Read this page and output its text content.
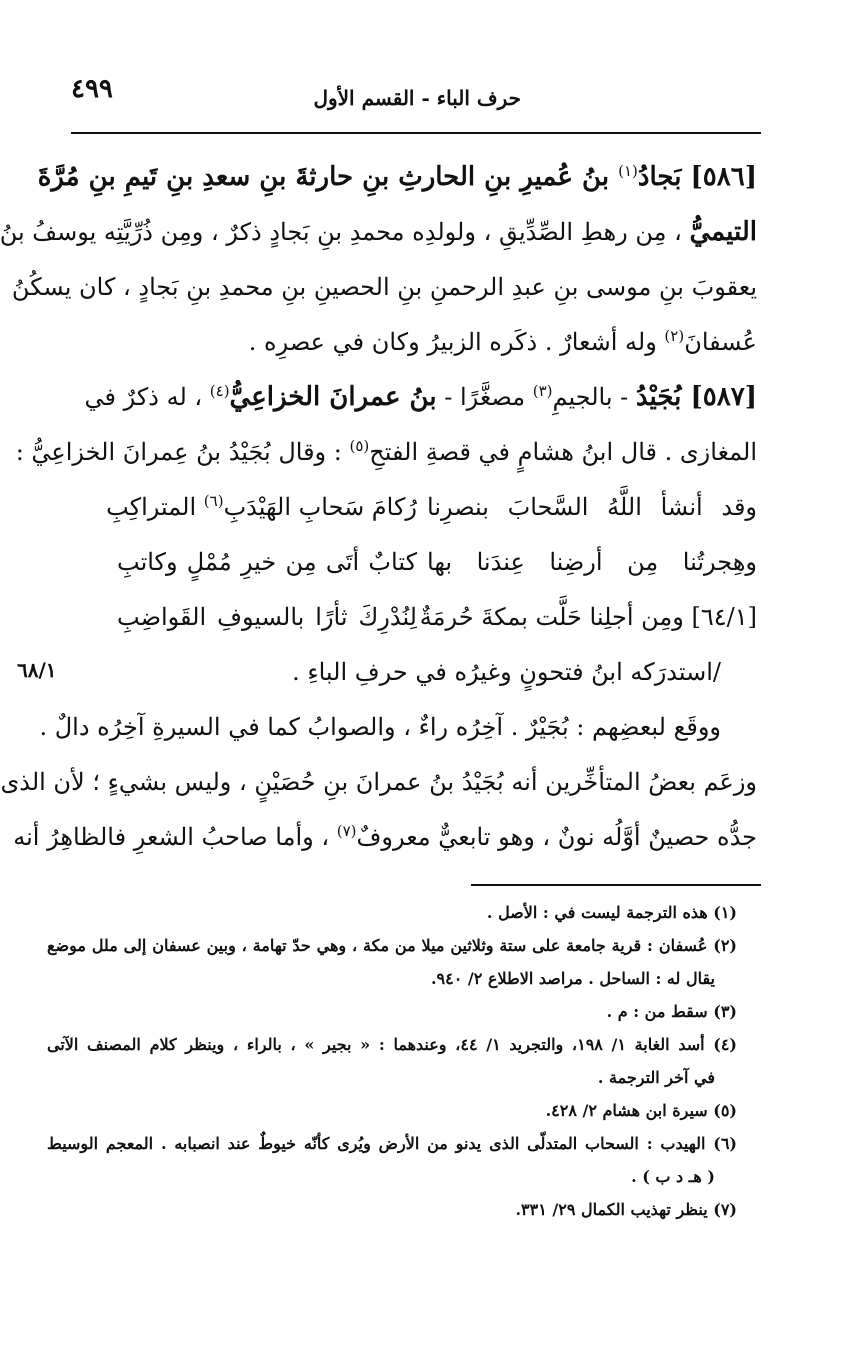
٤٩٩	حرف الباء - القسم الأول
[٥٨٦] بَجادُ$^{(١)}$ بنُ عُميرِ بنِ الحارثِ بنِ حارثةَ بنِ سعدِ بنِ تَيمِ بنِ مُرَّةَ
التيميُّ ، مِن رهطِ الصِّدِّيقِ ، ولولدِه محمدِ بنِ بَجادٍ ذكرٌ ، ومِن ذُرِّيَّتِه يوسفُ بنُ
يعقوبَ بنِ موسى بنِ عبدِ الرحمنِ بنِ الحصينِ بنِ محمدِ بنِ بَجادٍ ، كان يسكُنُ
عُسفانَ$^{(٢)}$ وله أشعارٌ . ذكَره الزبيرُ وكان في عصرِه .
[٥٨٧] بُجَيْدُ - بالجيمِ$^{(٣)}$ مصغَّرًا - بنُ عمرانَ الخزاعِيُّ$^{(٤)}$ ، له ذكرٌ في
المغازى . قال ابنُ هشامٍ في قصةِ الفتحِ$^{(٥)}$ : وقال بُجَيْدُ بنُ عِمرانَ الخزاعِيُّ :
وقد أنشأ اللَّهُ السَّحابَ بنصرِنا
رُكامَ سَحابِ الهَيْدَبِ$^{(٦)}$ المتراكِبِ
وهِجرتُنا مِن أرضِنا عِندَنا بها
كتابٌ أتَى مِن خيرِ مُمْلٍ وكاتبِ
[٦٤/١] ومِن أجلِنا حَلَّت بمكةَ حُرمَةٌ
لِنُدْرِكَ ثأرًا بالسيوفِ القَواضِبِ
/استدرَكه ابنُ فتحونٍ وغيرُه في حرفِ الباءِ .
ووقَع لبعضِهم : بُجَيْرٌ . آخِرُه راءٌ ، والصوابُ كما في السيرةِ آخِرُه دالٌ .
وزعَم بعضُ المتأخِّرين أنه بُجَيْدُ بنُ عمرانَ بنِ حُصَيْنٍ ، وليس بشيءٍ ؛ لأن الذى
جدُّه حصينٌ أوَّلُه نونٌ ، وهو تابعيٌّ معروفٌ$^{(٧)}$ ، وأما صاحبُ الشعرِ فالظاهِرُ أنه
٦٨/١
(١) هذه الترجمة ليست في : الأصل .
(٢) عُسفان : قرية جامعة على ستة وثلاثين ميلا من مكة ، وهي حدّ تهامة ، وبين عسفان إلى ملل موضع
يقال له : الساحل . مراصد الاطلاع ٢/ ٩٤٠.
(٣) سقط من : م .
(٤) أسد الغابة ١/ ١٩٨، والتجريد ١/ ٤٤، وعندهما : « بجير » ، بالراء ، وينظر كلام المصنف الآتى
في آخر الترجمة .
(٥) سيرة ابن هشام ٢/ ٤٢٨.
(٦) الهيدب : السحاب المتدلّى الذى يدنو من الأرض ويُرى كأنّه خيوطٌ عند انصبابه . المعجم الوسيط
( هـ د ب ) .
(٧) ينظر تهذيب الكمال ٢٩/ ٣٣١.
